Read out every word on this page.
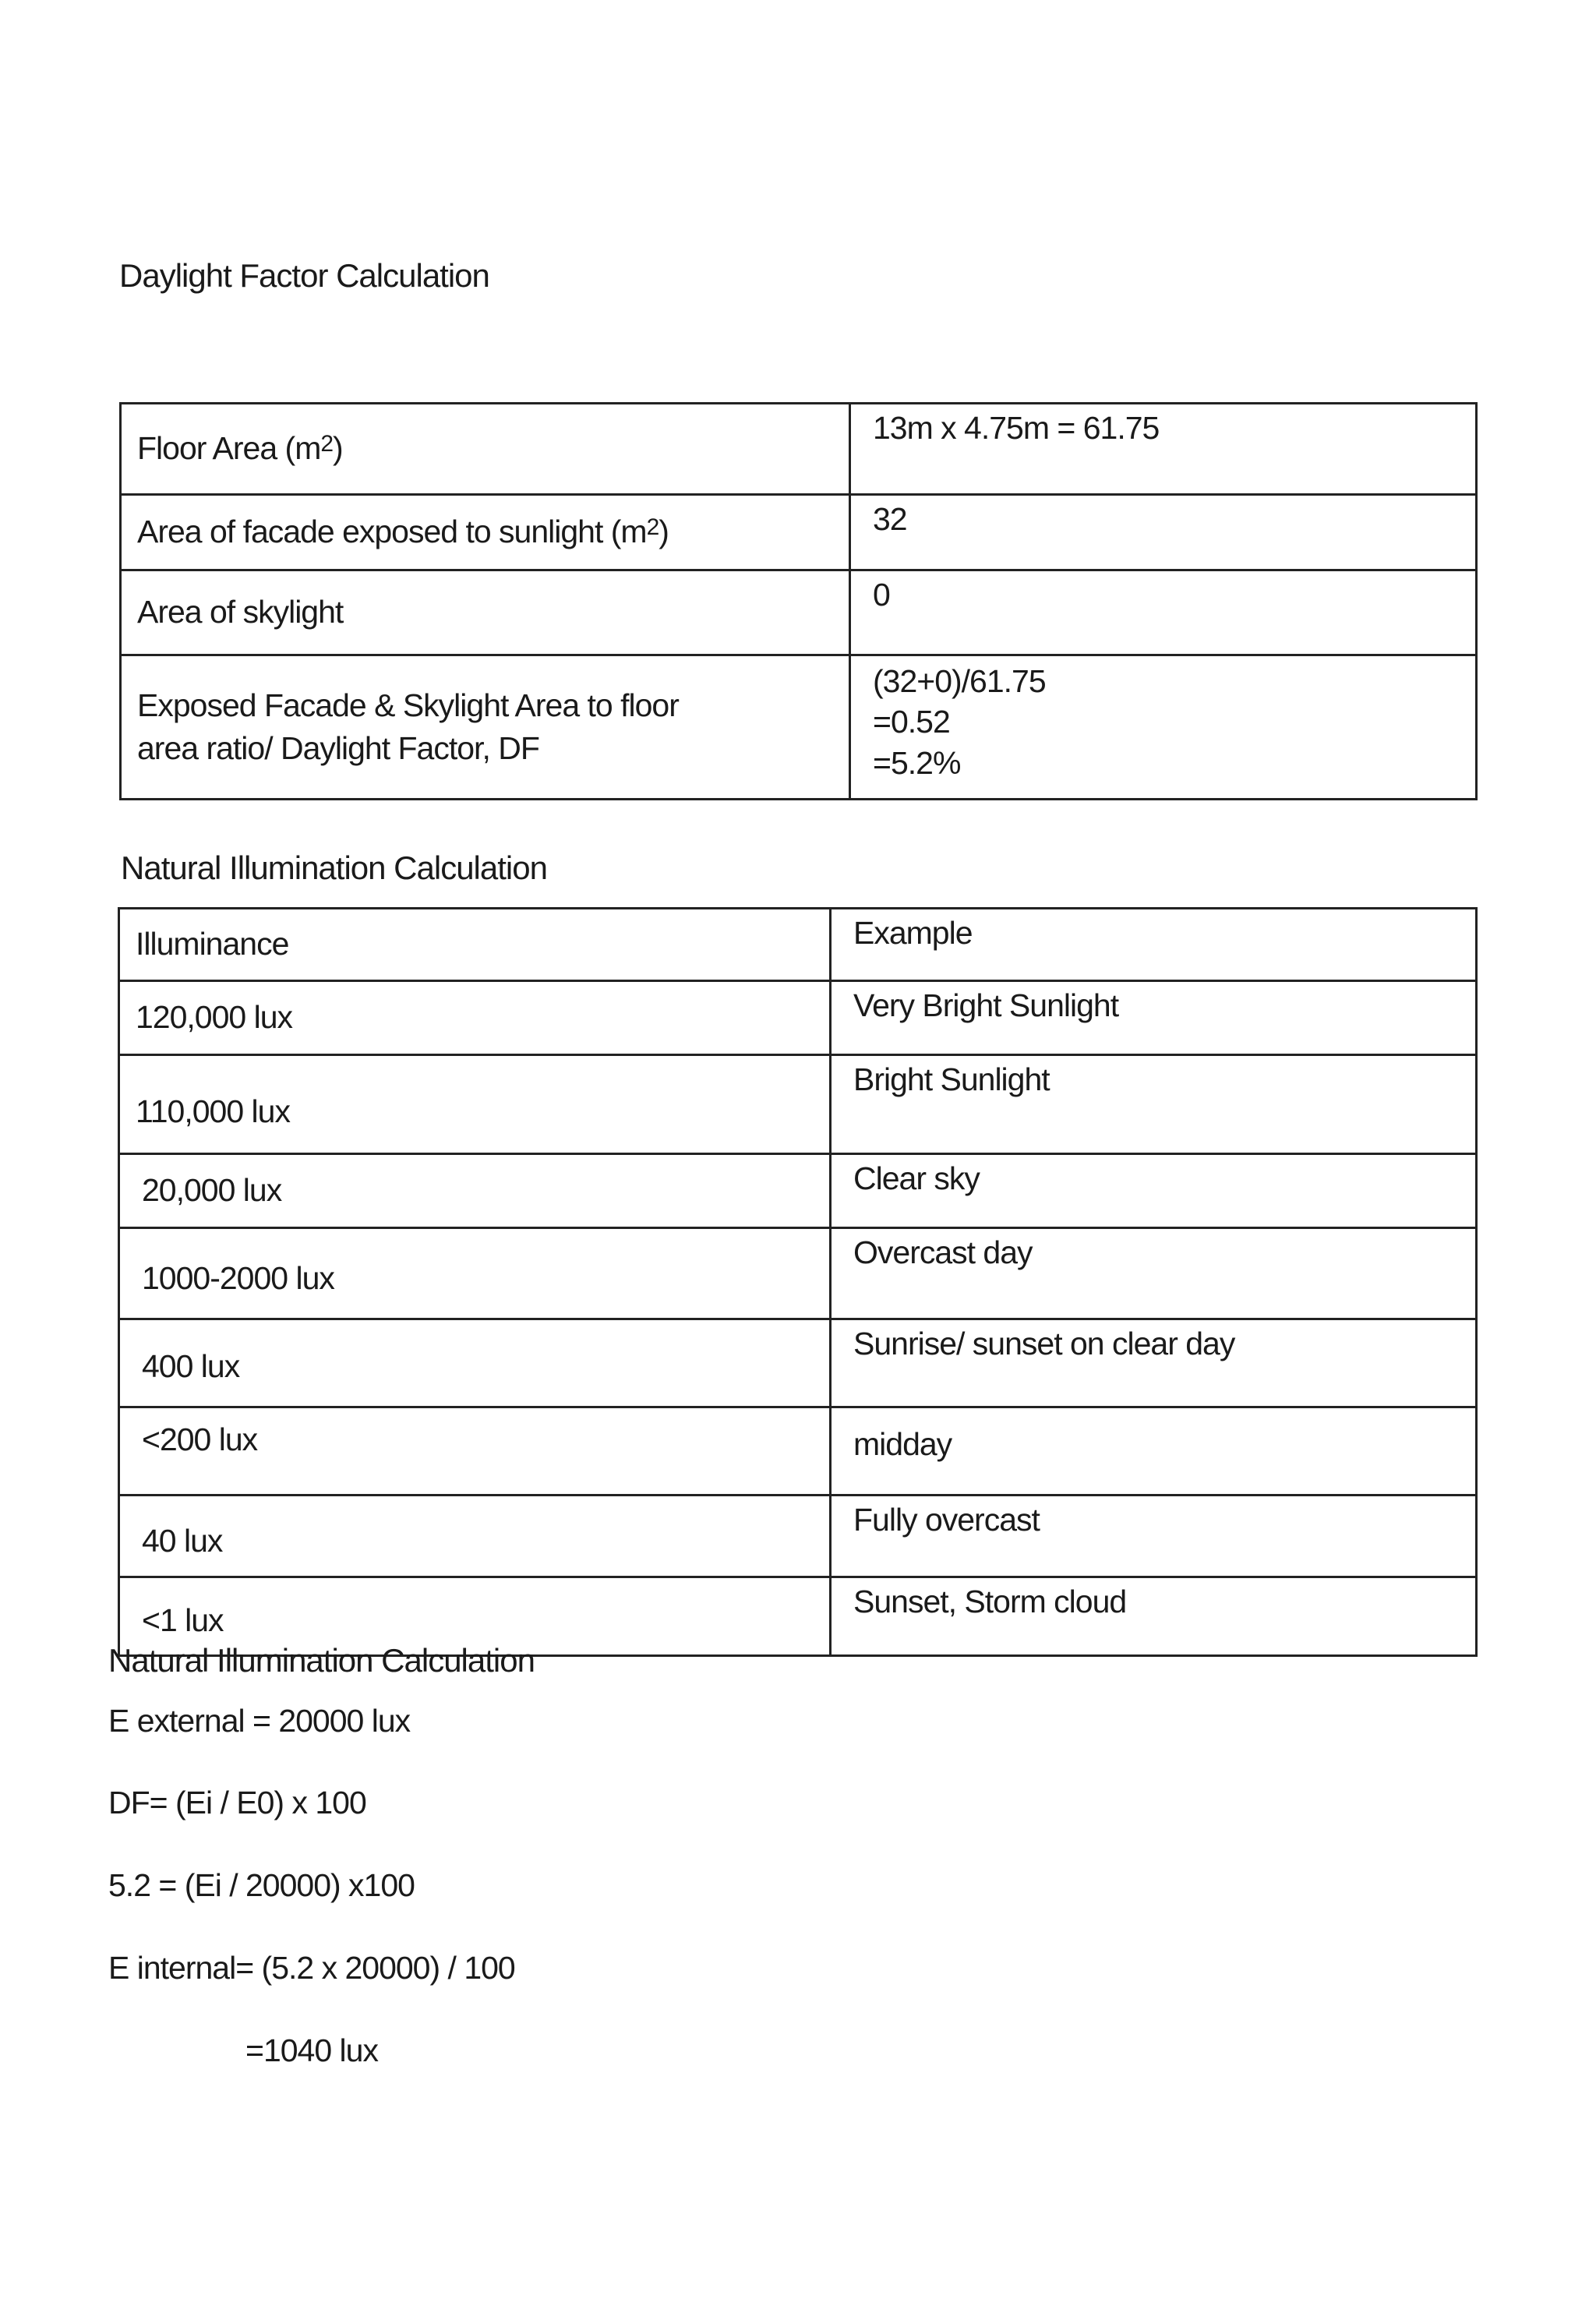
Daylight Factor Calculation
Floor Area $(m^2)$	13m x 4.75m = 61.75
Area of facade exposed to sunlight $(m^2)$	32
Area of skylight	0
Exposed Facade & Skylight Area to floor area ratio/ Daylight Factor, DF	(32+0)/61.75
=0.52
=5.2%
Natural Illumination Calculation
Illuminance	Example
120,000 lux	Very Bright Sunlight
110,000 lux	Bright Sunlight
20,000 lux	Clear sky
1000-2000 lux	Overcast day
400 lux	Sunrise/ sunset on clear day
<200 lux	midday
40 lux	Fully overcast
<1 lux	Sunset, Storm cloud
Natural Illumination Calculation
E external = 20000 lux
DF= (Ei / E0) x 100
5.2 = (Ei / 20000) x100
E internal= (5.2 x 20000) / 100
=1040 lux
